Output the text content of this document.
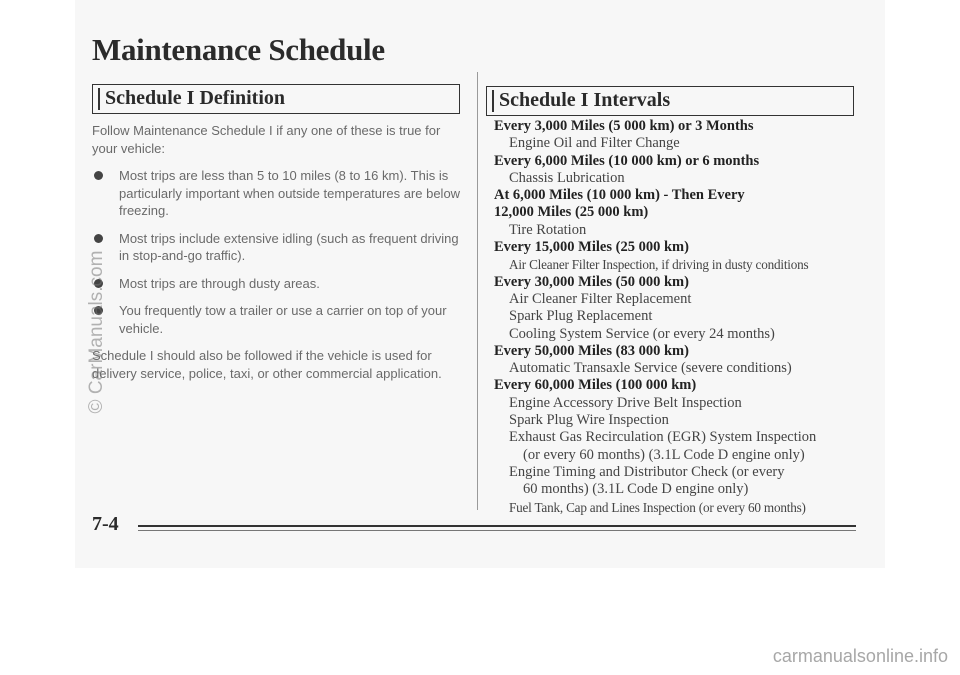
Maintenance Schedule
Schedule I Definition

Follow Maintenance Schedule I if any one of these is true for your vehicle:

Most trips are less than 5 to 10 miles (8 to 16 km). This is particularly important when outside temperatures are below freezing.
Most trips include extensive idling (such as frequent driving in stop-and-go traffic).
Most trips are through dusty areas.
You frequently tow a trailer or use a carrier on top of your vehicle.

Schedule I should also be followed if the vehicle is used for delivery service, police, taxi, or other commercial application.

Schedule I Intervals
Every 3,000 Miles (5 000 km) or 3 Months
Engine Oil and Filter Change
Every 6,000 Miles (10 000 km) or 6 months
Chassis Lubrication
At 6,000 Miles (10 000 km) - Then Every
12,000 Miles (25 000 km)
Tire Rotation
Every 15,000 Miles (25 000 km)
Air Cleaner Filter Inspection, if driving in dusty conditions
Every 30,000 Miles (50 000 km)
Air Cleaner Filter Replacement
Spark Plug Replacement
Cooling System Service (or every 24 months)
Every 50,000 Miles (83 000 km)
Automatic Transaxle Service (severe conditions)
Every 60,000 Miles (100 000 km)
Engine Accessory Drive Belt Inspection
Spark Plug Wire Inspection
Exhaust Gas Recirculation (EGR) System Inspection
(or every 60 months) (3.1L Code D engine only)
Engine Timing and Distributor Check (or every
60 months) (3.1L Code D engine only)
Fuel Tank, Cap and Lines Inspection (or every 60 months)
7-4
© CarManuals.com
carmanualsonline.info
